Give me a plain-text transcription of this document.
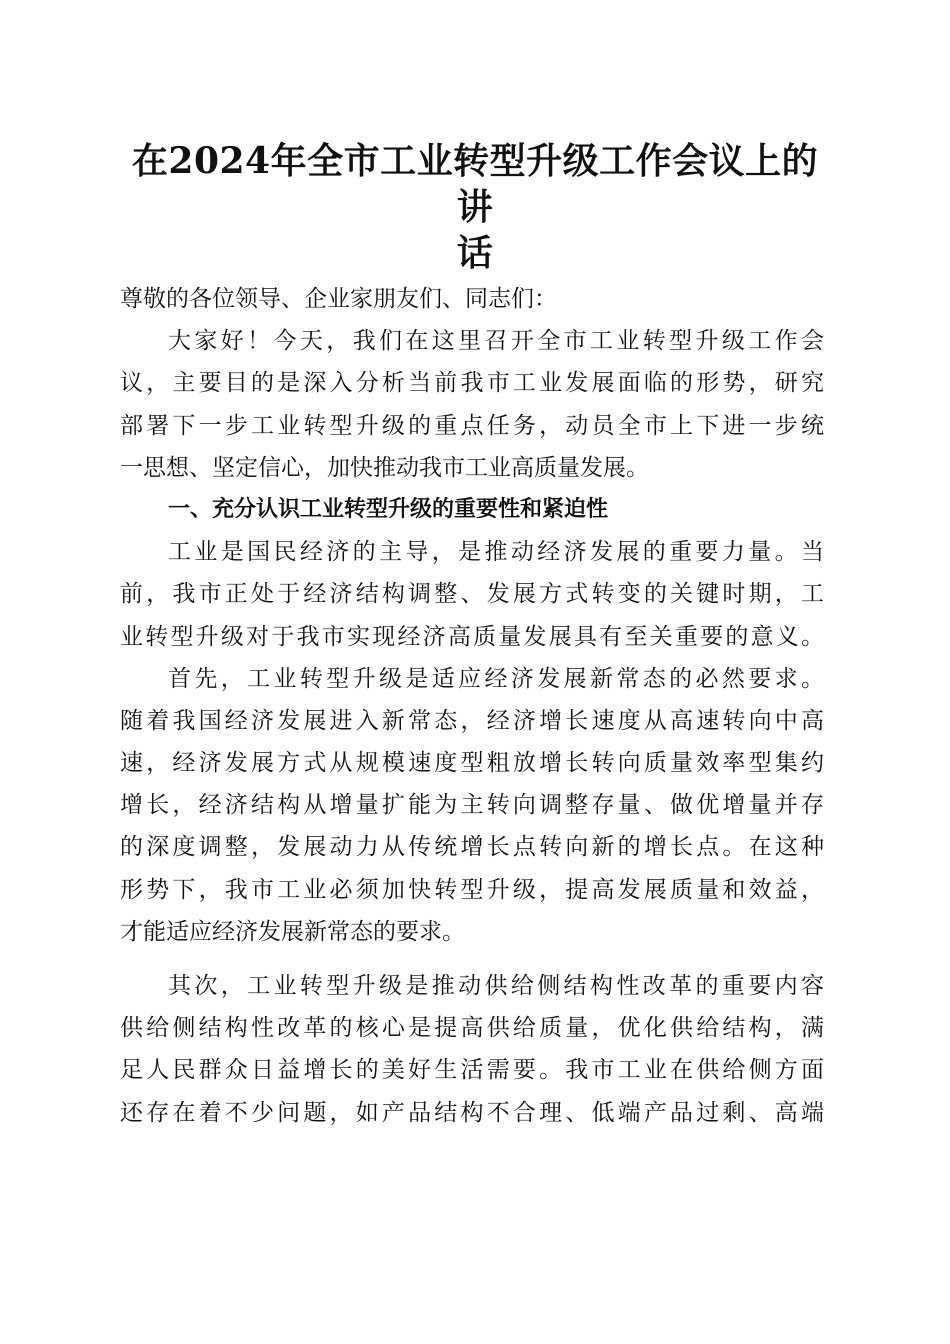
在2024年全市工业转型升级工作会议上的讲
话
尊敬的各位领导、企业家朋友们、同志们：
大家好！今天，我们在这里召开全市工业转型升级工作会
议，主要目的是深入分析当前我市工业发展面临的形势，研究
部署下一步工业转型升级的重点任务，动员全市上下进一步统
一思想、坚定信心，加快推动我市工业高质量发展。
一、充分认识工业转型升级的重要性和紧迫性
工业是国民经济的主导，是推动经济发展的重要力量。当
前，我市正处于经济结构调整、发展方式转变的关键时期，工
业转型升级对于我市实现经济高质量发展具有至关重要的意义。
首先，工业转型升级是适应经济发展新常态的必然要求。
随着我国经济发展进入新常态，经济增长速度从高速转向中高
速，经济发展方式从规模速度型粗放增长转向质量效率型集约
增长，经济结构从增量扩能为主转向调整存量、做优增量并存
的深度调整，发展动力从传统增长点转向新的增长点。在这种
形势下，我市工业必须加快转型升级，提高发展质量和效益，
才能适应经济发展新常态的要求。
其次，工业转型升级是推动供给侧结构性改革的重要内容
供给侧结构性改革的核心是提高供给质量，优化供给结构，满
足人民群众日益增长的美好生活需要。我市工业在供给侧方面
还存在着不少问题，如产品结构不合理、低端产品过剩、高端
